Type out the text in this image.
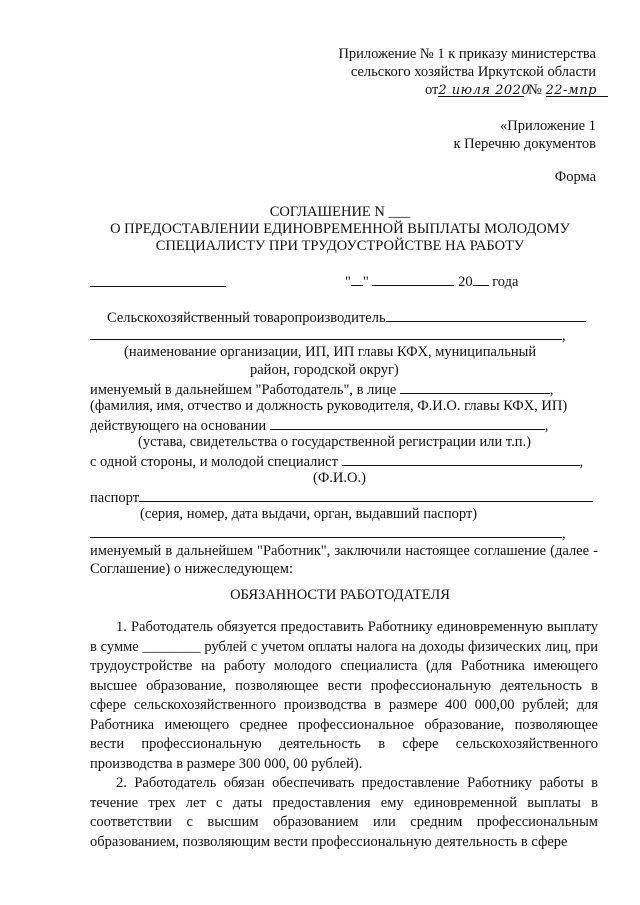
Приложение № 1 к приказу министерства
сельского хозяйства Иркутской области
от2 июля 2020 № 22-мпр
«Приложение 1
к Перечню документов
Форма
СОГЛАШЕНИЕ N ___
О ПРЕДОСТАВЛЕНИИ ЕДИНОВРЕМЕННОЙ ВЫПЛАТЫ МОЛОДОМУ
СПЕЦИАЛИСТУ ПРИ ТРУДОУСТРОЙСТВЕ НА РАБОТУ
" "	20 года
Сельскохозяйственный товаропроизводитель
,
(наименование организации, ИП, ИП главы КФХ, муниципальный
район, городской округ)
именуемый в дальнейшем "Работодатель", в лице	,
(фамилия, имя, отчество и должность руководителя, Ф.И.О. главы КФХ, ИП)
действующего на основании	,
(устава, свидетельства о государственной регистрации или т.п.)
с одной стороны, и молодой специалист	,
(Ф.И.О.)
паспорт
(серия, номер, дата выдачи, орган, выдавший паспорт)
,
именуемый в дальнейшем "Работник", заключили настоящее соглашение (далее - Соглашение) о нижеследующем:
ОБЯЗАННОСТИ РАБОТОДАТЕЛЯ
1. Работодатель обязуется предоставить Работнику единовременную выплату в сумме ________ рублей с учетом оплаты налога на доходы физических лиц, при трудоустройстве на работу молодого специалиста (для Работника имеющего высшее образование, позволяющее вести профессиональную деятельность в сфере сельскохозяйственного производства в размере 400 000,00 рублей; для Работника имеющего среднее профессиональное образование, позволяющее вести профессиональную деятельность в сфере сельскохозяйственного производства в размере 300 000, 00 рублей).
2. Работодатель обязан обеспечивать предоставление Работнику работы в течение трех лет с даты предоставления ему единовременной выплаты в соответствии с высшим образованием или средним профессиональным образованием, позволяющим вести профессиональную деятельность в сфере
